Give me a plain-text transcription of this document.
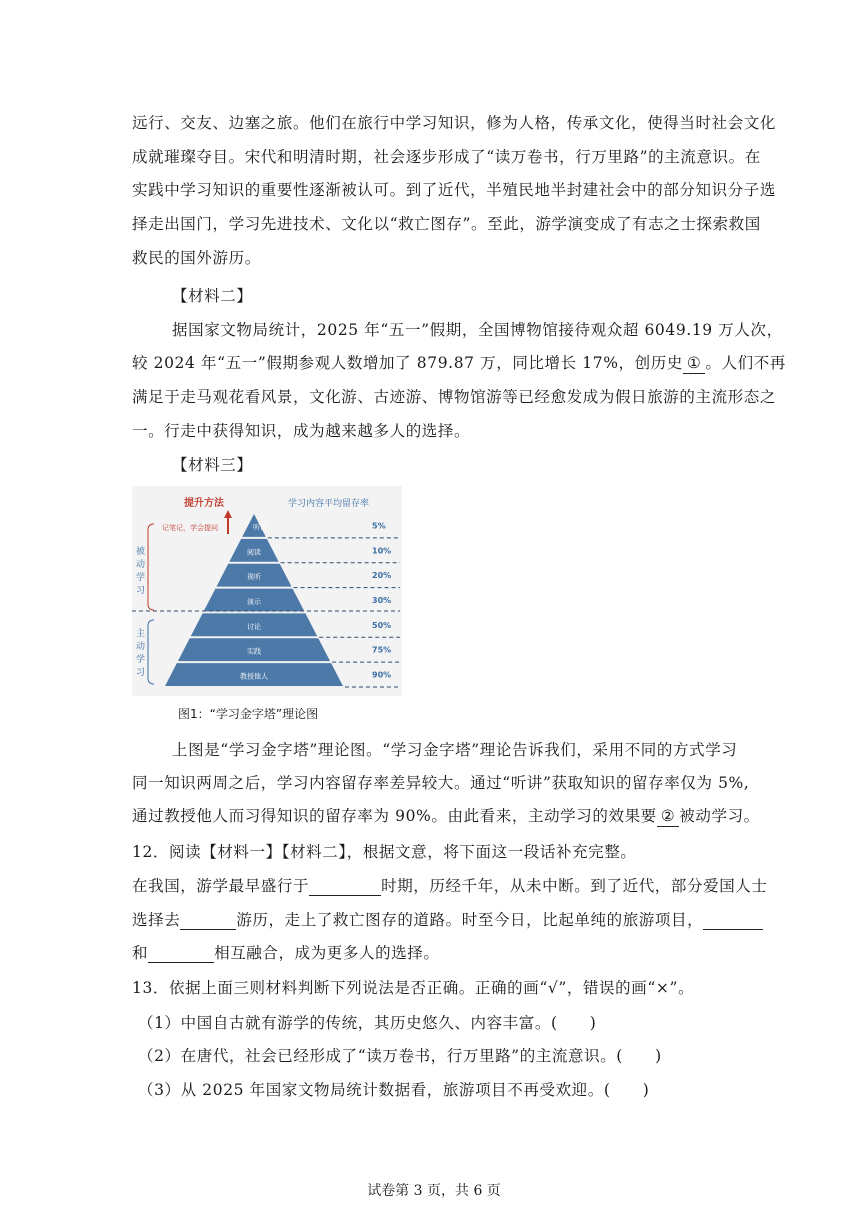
远行、交友、边塞之旅。他们在旅行中学习知识，修为人格，传承文化，使得当时社会文化
成就璀璨夺目。宋代和明清时期，社会逐步形成了“读万卷书，行万里路”的主流意识。在
实践中学习知识的重要性逐渐被认可。到了近代，半殖民地半封建社会中的部分知识分子选
择走出国门，学习先进技术、文化以“救亡图存”。至此，游学演变成了有志之士探索救国
救民的国外游历。
【材料二】
据国家文物局统计，2025 年“五一”假期，全国博物馆接待观众超 6049.19 万人次，
较 2024 年“五一”假期参观人数增加了 879.87 万，同比增长 17%，创历史 ① 。人们不再
满足于走马观花看风景，文化游、古迹游、博物馆游等已经愈发成为假日旅游的主流形态之
一。行走中获得知识，成为越来越多人的选择。
【材料三】
提升方法	学习内容平均留存率
记笔记，学会提问
被动学习
主动学习
听讲	5%
阅读	10%
视听	20%
演示	30%
讨论	50%
实践	75%
教授他人	90%
图1：“学习金字塔”理论图
上图是“学习金字塔”理论图。“学习金字塔”理论告诉我们，采用不同的方式学习
同一知识两周之后，学习内容留存率差异较大。通过“听讲”获取知识的留存率仅为 5%,
通过教授他人而习得知识的留存率为 90%。由此看来，主动学习的效果要 ② 被动学习。
12．阅读【材料一】【材料二】，根据文意，将下面这一段话补充完整。
在我国，游学最早盛行于	时期，历经千年，从未中断。到了近代，部分爱国人士
选择去	游历，走上了救亡图存的道路。时至今日，比起单纯的旅游项目，
和	相互融合，成为更多人的选择。
13．依据上面三则材料判断下列说法是否正确。正确的画“√”，错误的画“×”。
（1）中国自古就有游学的传统，其历史悠久、内容丰富。(　　)
（2）在唐代，社会已经形成了“读万卷书，行万里路”的主流意识。(　　)
（3）从 2025 年国家文物局统计数据看，旅游项目不再受欢迎。(　　)
试卷第 3 页，共 6 页
